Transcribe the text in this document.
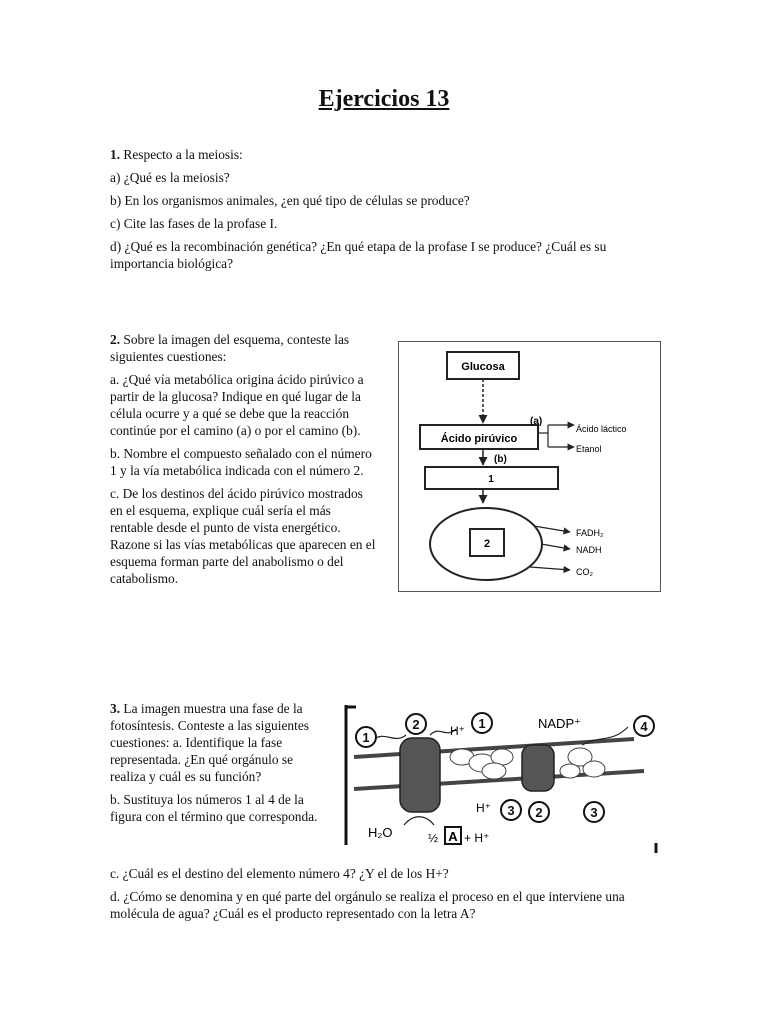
Ejercicios 13

1. Respecto a la meiosis:

a) ¿Qué es la meiosis?

b) En los organismos animales, ¿en qué tipo de células se produce?

c) Cite las fases de la profase I.

d) ¿Qué es la recombinación genética? ¿En qué etapa de la profase I se produce? ¿Cuál es su importancia biológica?

2. Sobre la imagen del esquema, conteste las siguientes cuestiones:

a. ¿Qué vía metabólica origina ácido pirúvico a partir de la glucosa? Indique en qué lugar de la célula ocurre y a qué se debe que la reacción continúe por el camino (a) o por el camino (b).

b. Nombre el compuesto señalado con el número 1 y la vía metabólica indicada con el número 2.

c. De los destinos del ácido pirúvico mostrados en el esquema, explique cuál sería el más rentable desde el punto de vista energético. Razone si las vías metabólicas que aparecen en el esquema forman parte del anabolismo o del catabolismo.

Glucosa
Ácido pirúvico
(a)
Ácido láctico
Etanol
(b)
1
2
FADH₂
NADH
CO₂

3. La imagen muestra una fase de la fotosíntesis. Conteste a las siguientes cuestiones: a. Identifique la fase representada. ¿En qué orgánulo se realiza y cuál es su función?

b. Sustituya los números 1 al 4 de la figura con el término que corresponda.

c. ¿Cuál es el destino del elemento número 4? ¿Y el de los H+?

d. ¿Cómo se denomina y en qué parte del orgánulo se realiza el proceso en el que interviene una molécula de agua? ¿Cuál es el producto representado con la letra A?

1
2	1	4
3 2	3
H⁺	NADP⁺
H⁺
H₂O	½ A + H⁺
